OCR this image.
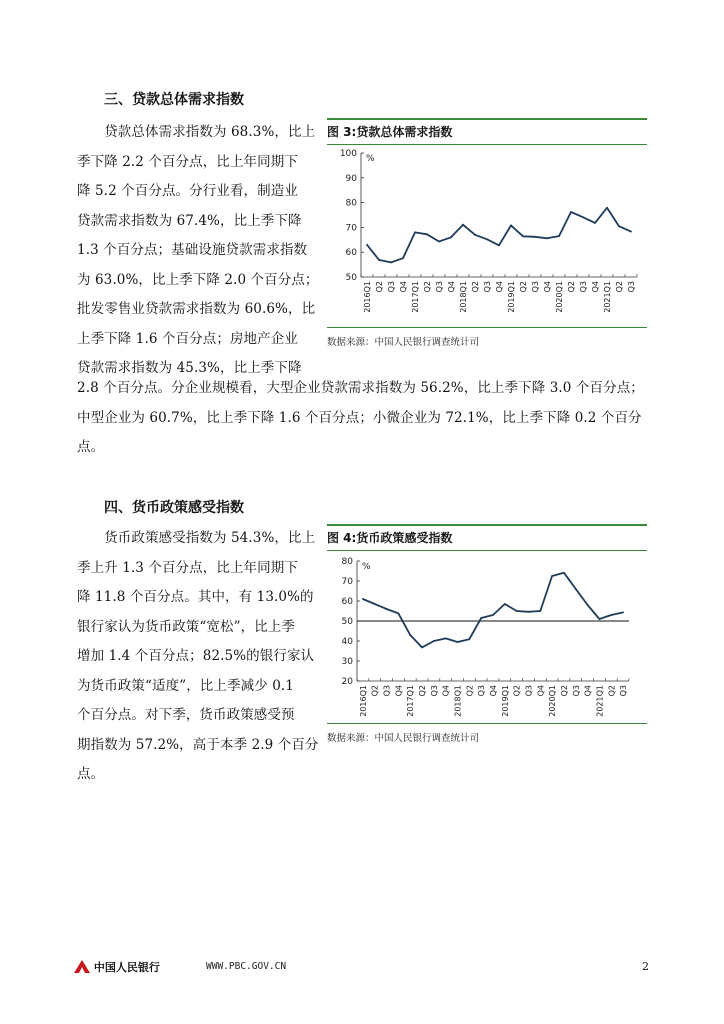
三、贷款总体需求指数
　　贷款总体需求指数为 68.3%，比上
季下降 2.2 个百分点，比上年同期下
降 5.2 个百分点。分行业看，制造业
贷款需求指数为 67.4%，比上季下降
1.3 个百分点；基础设施贷款需求指数
为 63.0%，比上季下降 2.0 个百分点；
批发零售业贷款需求指数为 60.6%，比
上季下降 1.6 个百分点；房地产企业
贷款需求指数为 45.3%，比上季下降
2.8 个百分点。分企业规模看，大型企业贷款需求指数为 56.2%，比上季下降 3.0 个百分点；
中型企业为 60.7%，比上季下降 1.6 个百分点；小微企业为 72.1%，比上季下降 0.2 个百分
点。
图 3:贷款总体需求指数
50
60
70
80
90
100 %
2016Q1 Q2 Q3 Q4 2017Q1 Q2 Q3 Q4 2018Q1 Q2 Q3 Q4 2019Q1 Q2 Q3 Q4 2020Q1 Q2 Q3 Q4 2021Q1 Q2 Q3
数据来源：中国人民银行调查统计司
四、货币政策感受指数
　　货币政策感受指数为 54.3%，比上
季上升 1.3 个百分点，比上年同期下
降 11.8 个百分点。其中，有 13.0%的
银行家认为货币政策“宽松”，比上季
增加 1.4 个百分点；82.5%的银行家认
为货币政策“适度”，比上季减少 0.1
个百分点。对下季，货币政策感受预
期指数为 57.2%，高于本季 2.9 个百分
点。
图 4:货币政策感受指数
20
30
40
50
60
70
80 %
2016Q1 Q2 Q3 Q4 2017Q1 Q2 Q3 Q4 2018Q1 Q2 Q3 Q4 2019Q1 Q2 Q3 Q4 2020Q1 Q2 Q3 Q4 2021Q1 Q2 Q3
数据来源：中国人民银行调查统计司
中国人民银行	WWW.PBC.GOV.CN	2
